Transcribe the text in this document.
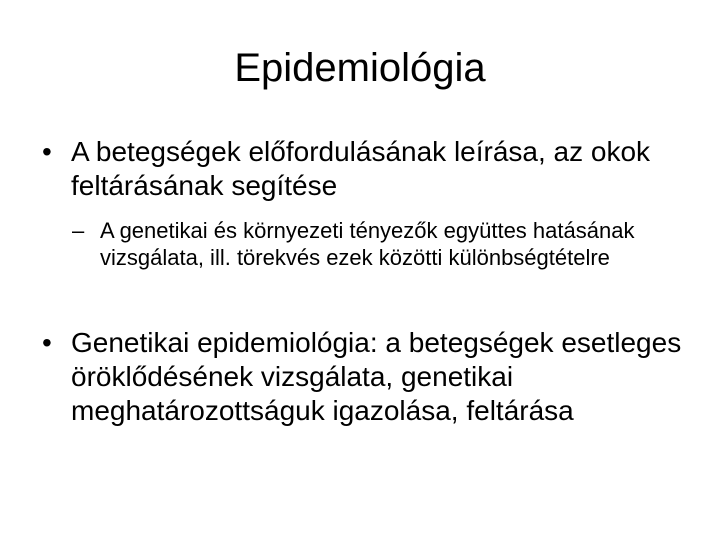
Epidemiológia
• A betegségek előfordulásának leírása, az okok feltárásának segítése
– A genetikai és környezeti tényezők együttes hatásának vizsgálata, ill. törekvés ezek közötti különbségtételre
• Genetikai epidemiológia: a betegségek esetleges öröklődésének vizsgálata, genetikai meghatározottságuk igazolása, feltárása
